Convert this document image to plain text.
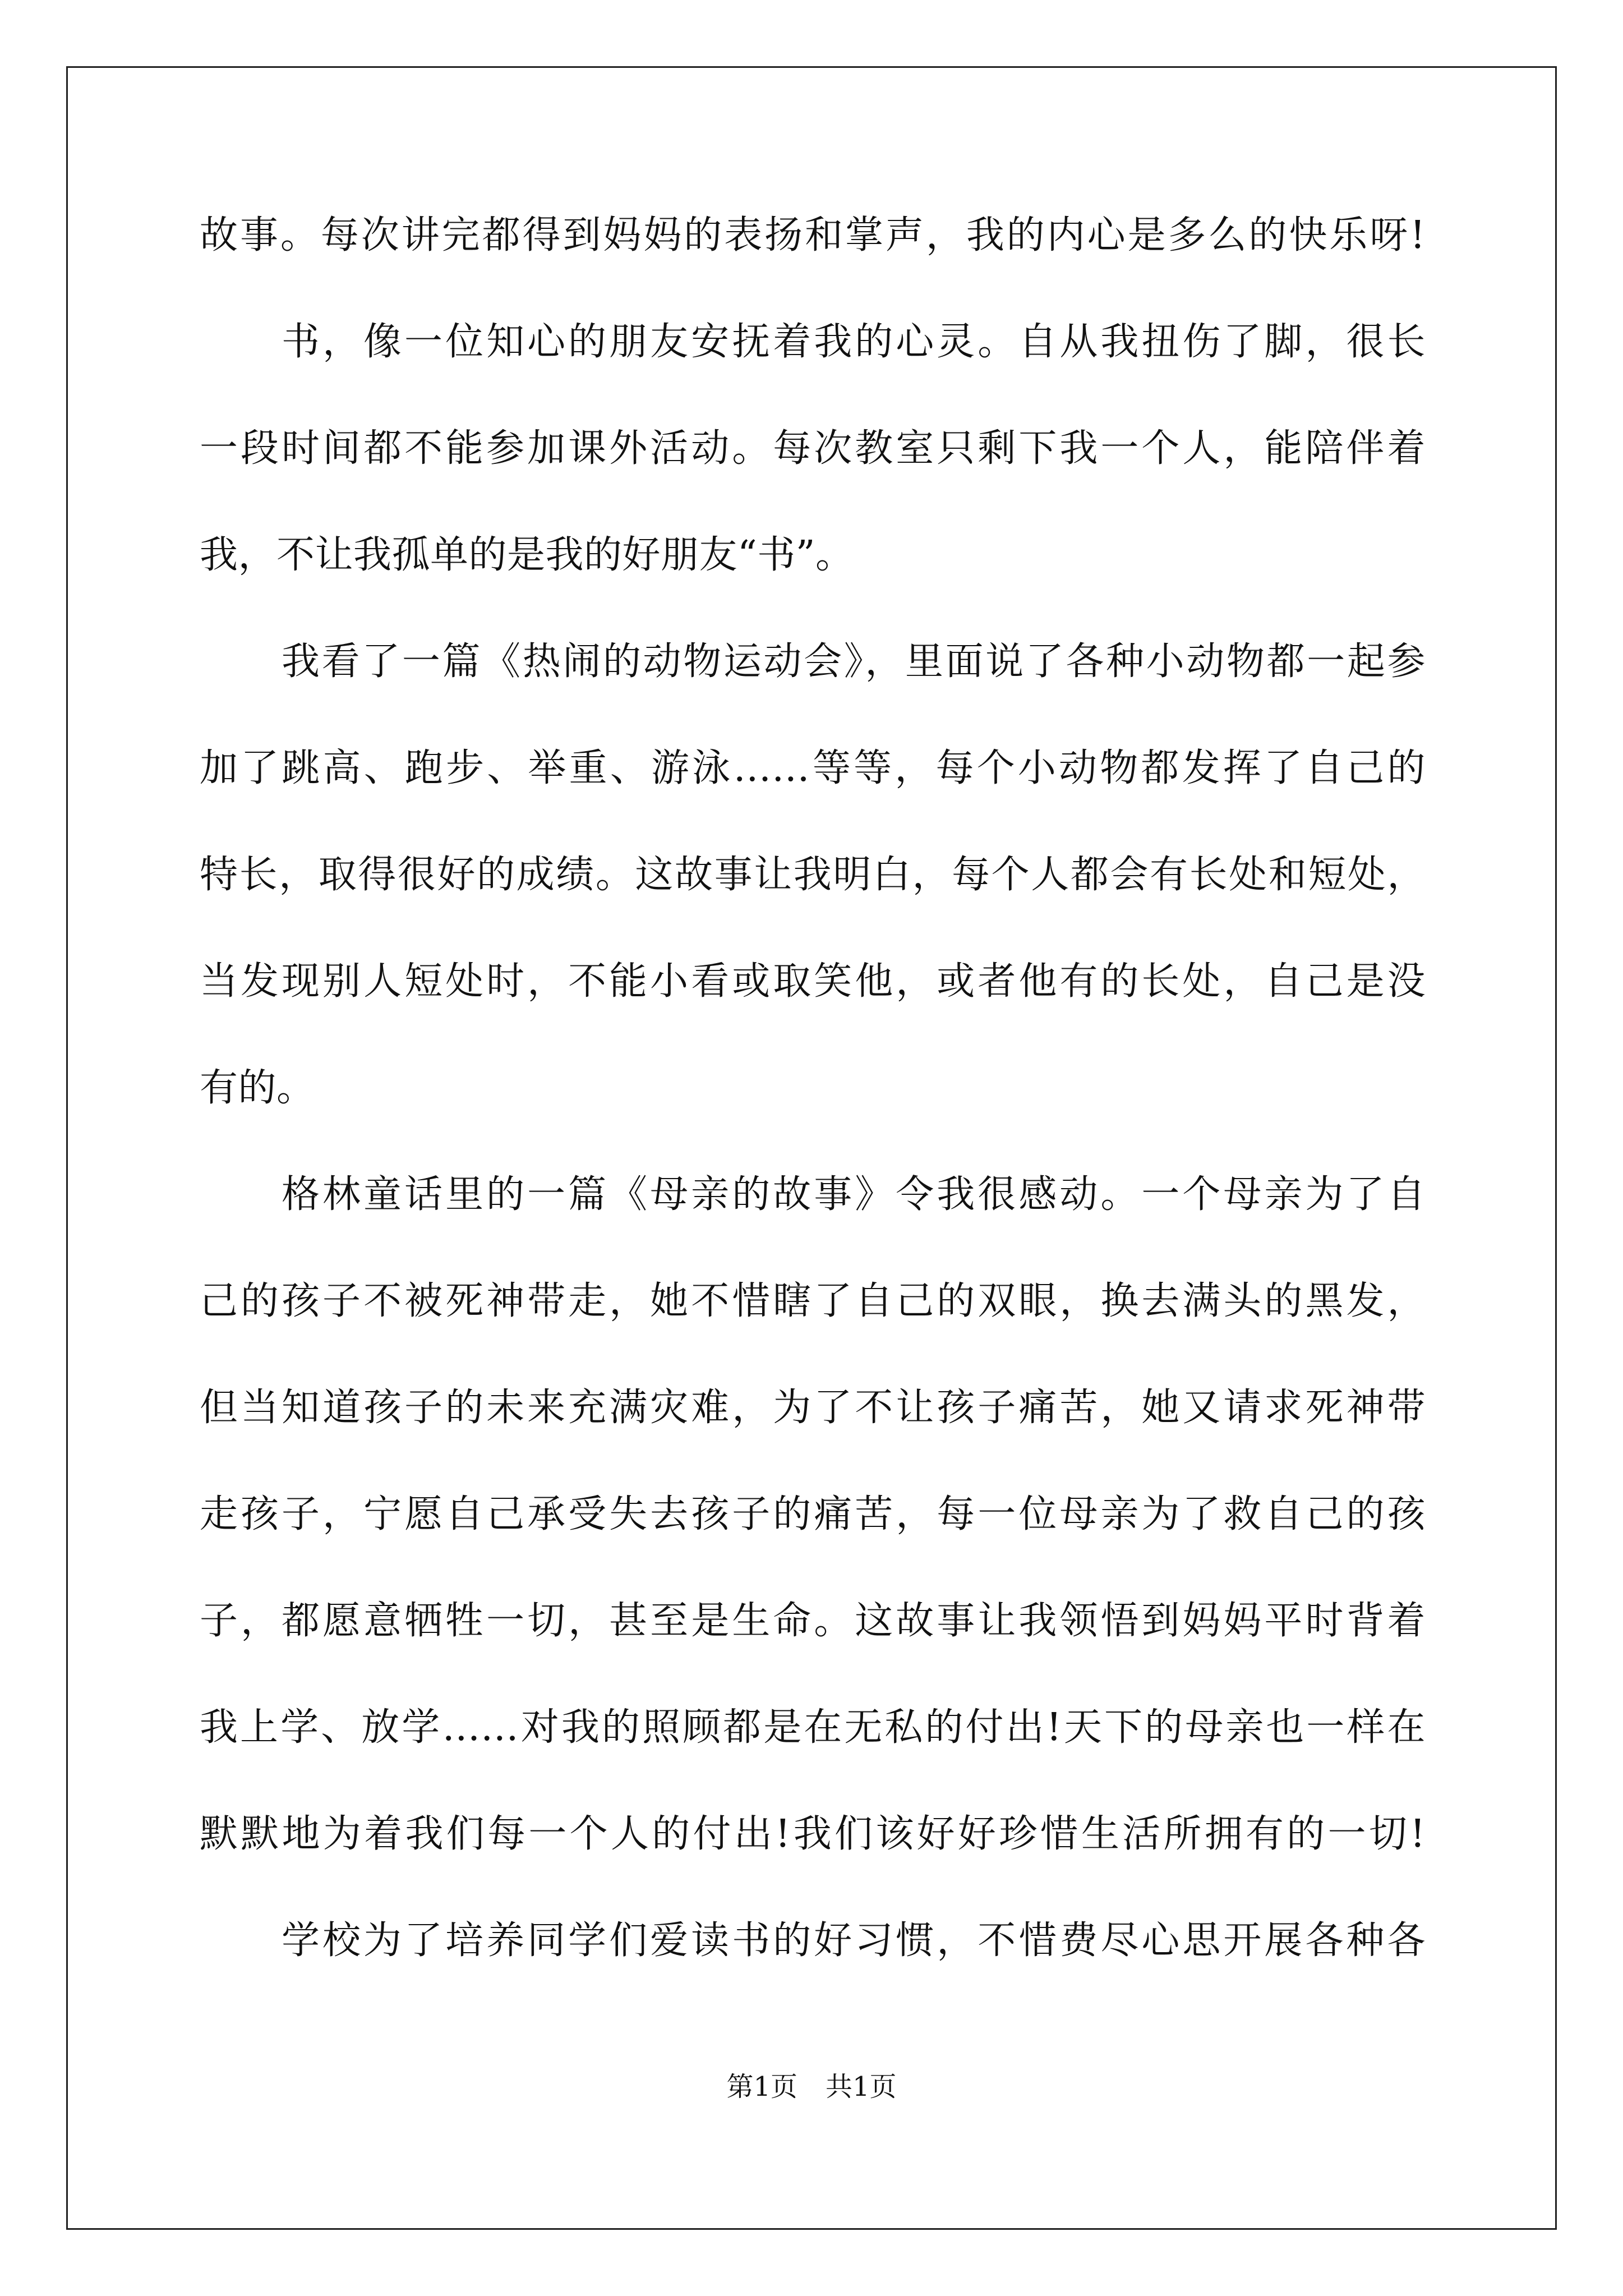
故事。每次讲完都得到妈妈的表扬和掌声，我的内心是多么的快乐呀!
书，像一位知心的朋友安抚着我的心灵。自从我扭伤了脚，很长
一段时间都不能参加课外活动。每次教室只剩下我一个人，能陪伴着
我，不让我孤单的是我的好朋友“书”。
我看了一篇《热闹的动物运动会》，里面说了各种小动物都一起参
加了跳高、跑步、举重、游泳……等等，每个小动物都发挥了自己的
特长，取得很好的成绩。这故事让我明白，每个人都会有长处和短处，
当发现别人短处时，不能小看或取笑他，或者他有的长处，自己是没
有的。
格林童话里的一篇《母亲的故事》令我很感动。一个母亲为了自
己的孩子不被死神带走，她不惜瞎了自己的双眼，换去满头的黑发，
但当知道孩子的未来充满灾难，为了不让孩子痛苦，她又请求死神带
走孩子，宁愿自己承受失去孩子的痛苦，每一位母亲为了救自己的孩
子，都愿意牺牲一切，甚至是生命。这故事让我领悟到妈妈平时背着
我上学、放学……对我的照顾都是在无私的付出!天下的母亲也一样在
默默地为着我们每一个人的付出!我们该好好珍惜生活所拥有的一切!
学校为了培养同学们爱读书的好习惯，不惜费尽心思开展各种各
第1页 共1页
